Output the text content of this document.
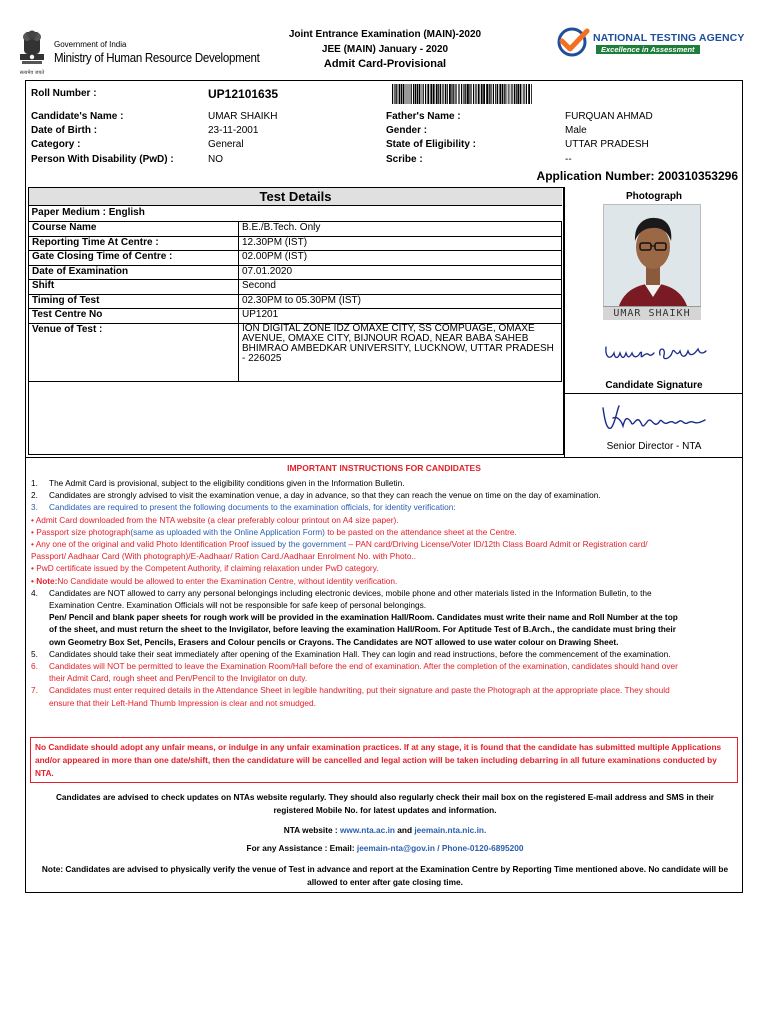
सत्यमेव जयते
Government of India
Ministry of Human Resource Development
Joint Entrance Examination (MAIN)-2020
JEE (MAIN) January - 2020
Admit Card-Provisional
NATIONAL TESTING AGENCY
Excellence in Assessment
Roll Number :	UP12101635
Candidate's Name :	UMAR SHAIKH
Date of Birth :	23-11-2001
Category :	General
Person With Disability (PwD) :	NO
Father's Name :	FURQUAN AHMAD
Gender :	Male
State of Eligibility :	UTTAR PRADESH
Scribe :	--
Application Number: 200310353296
Test Details
Paper Medium : English	
Course Name	B.E./B.Tech. Only
Reporting Time At Centre :	12.30PM (IST)
Gate Closing Time of Centre :	02.00PM (IST)
Date of Examination	07.01.2020
Shift	Second
Timing of Test	02.30PM to 05.30PM (IST)
Test Centre No	UP1201
Venue of Test :	ION DIGITAL ZONE IDZ OMAXE CITY, SS COMPUAGE, OMAXE AVENUE, OMAXE CITY, BIJNOUR ROAD, NEAR BABA SAHEB BHIMRAO AMBEDKAR UNIVERSITY, LUCKNOW, UTTAR PRADESH - 226025
Photograph
UMAR SHAIKH
Candidate Signature
Senior Director - NTA
IMPORTANT INSTRUCTIONS FOR CANDIDATES
1. The Admit Card is provisional, subject to the eligibility conditions given in the Information Bulletin.
2. Candidates are strongly advised to visit the examination venue, a day in advance, so that they can reach the venue on time on the day of examination.
3. Candidates are required to present the following documents to the examination officials, for identity verification:
• Admit Card downloaded from the NTA website (a clear preferably colour printout on A4 size paper).
• Passport size photograph(same as uploaded with the Online Application Form) to be pasted on the attendance sheet at the Centre.
• Any one of the original and valid Photo Identification Proof issued by the government – PAN card/Driving License/Voter ID/12th Class Board Admit or Registration card/
Passport/ Aadhaar Card (With photograph)/E-Aadhaar/ Ration Card./Aadhaar Enrolment No. with Photo..
• PwD certificate issued by the Competent Authority, if claiming relaxation under PwD category.
• Note:No Candidate would be allowed to enter the Examination Centre, without identity verification.
4. Candidates are NOT allowed to carry any personal belongings including electronic devices, mobile phone and other materials listed in the Information Bulletin, to the
Examination Centre. Examination Officials will not be responsible for safe keep of personal belongings.
Pen/ Pencil and blank paper sheets for rough work will be provided in the examination Hall/Room. Candidates must write their name and Roll Number at the top
of the sheet, and must return the sheet to the Invigilator, before leaving the examination Hall/Room. For Aptitude Test of B.Arch., the candidate must bring their
own Geometry Box Set, Pencils, Erasers and Colour pencils or Crayons. The Candidates are NOT allowed to use water colour on Drawing Sheet.
5. Candidates should take their seat immediately after opening of the Examination Hall. They can login and read instructions, before the commencement of the examination.
6. Candidates will NOT be permitted to leave the Examination Room/Hall before the end of examination. After the completion of the examination, candidates should hand over
their Admit Card, rough sheet and Pen/Pencil to the Invigilator on duty.
7. Candidates must enter required details in the Attendance Sheet in legible handwriting, put their signature and paste the Photograph at the appropriate place. They should
ensure that their Left-Hand Thumb Impression is clear and not smudged.
No Candidate should adopt any unfair means, or indulge in any unfair examination practices. If at any stage, it is found that the candidate has submitted multiple Applications and/or appeared in more than one date/shift, then the candidature will be cancelled and legal action will be taken including debarring in all future examinations conducted by NTA.
Candidates are advised to check updates on NTAs website regularly. They should also regularly check their mail box on the registered E-mail address and SMS in their registered Mobile No. for latest updates and information.
NTA website : www.nta.ac.in and jeemain.nta.nic.in.
For any Assistance : Email: jeemain-nta@gov.in / Phone-0120-6895200
Note: Candidates are advised to physically verify the venue of Test in advance and report at the Examination Centre by Reporting Time mentioned above. No candidate will be allowed to enter after gate closing time.
